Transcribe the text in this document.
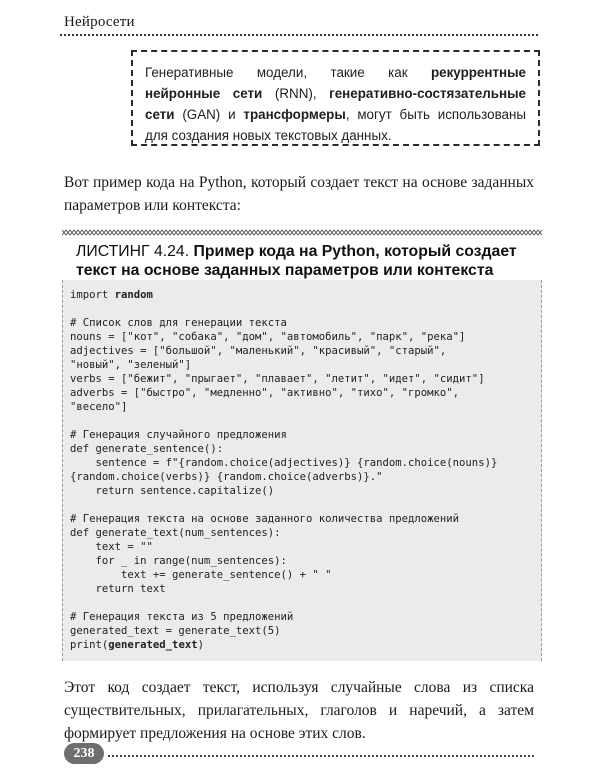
Нейросети
Генеративные модели, такие как рекуррентные нейронные сети (RNN), генеративно-состязательные сети (GAN) и трансформеры, могут быть использованы для создания новых текстовых данных.

Вот пример кода на Python, который создает текст на основе заданных параметров или контекста:

ЛИСТИНГ 4.24. Пример кода на Python, который создает текст на основе заданных параметров или контекста
import random

# Список слов для генерации текста
nouns = ["кот", "собака", "дом", "автомобиль", "парк", "река"]
adjectives = ["большой", "маленький", "красивый", "старый",
"новый", "зеленый"]
verbs = ["бежит", "прыгает", "плавает", "летит", "идет", "сидит"]
adverbs = ["быстро", "медленно", "активно", "тихо", "громко",
"весело"]

# Генерация случайного предложения
def generate_sentence():
sentence = f"{random.choice(adjectives)} {random.choice(nouns)}
{random.choice(verbs)} {random.choice(adverbs)}."
return sentence.capitalize()

# Генерация текста на основе заданного количества предложений
def generate_text(num_sentences):
text = ""
for _ in range(num_sentences):
text += generate_sentence() + " "
return text

# Генерация текста из 5 предложений
generated_text = generate_text(5)
print(generated_text)

Этот код создает текст, используя случайные слова из списка существительных, прилагательных, глаголов и наречий, а затем формирует предложения на основе этих слов.

238
